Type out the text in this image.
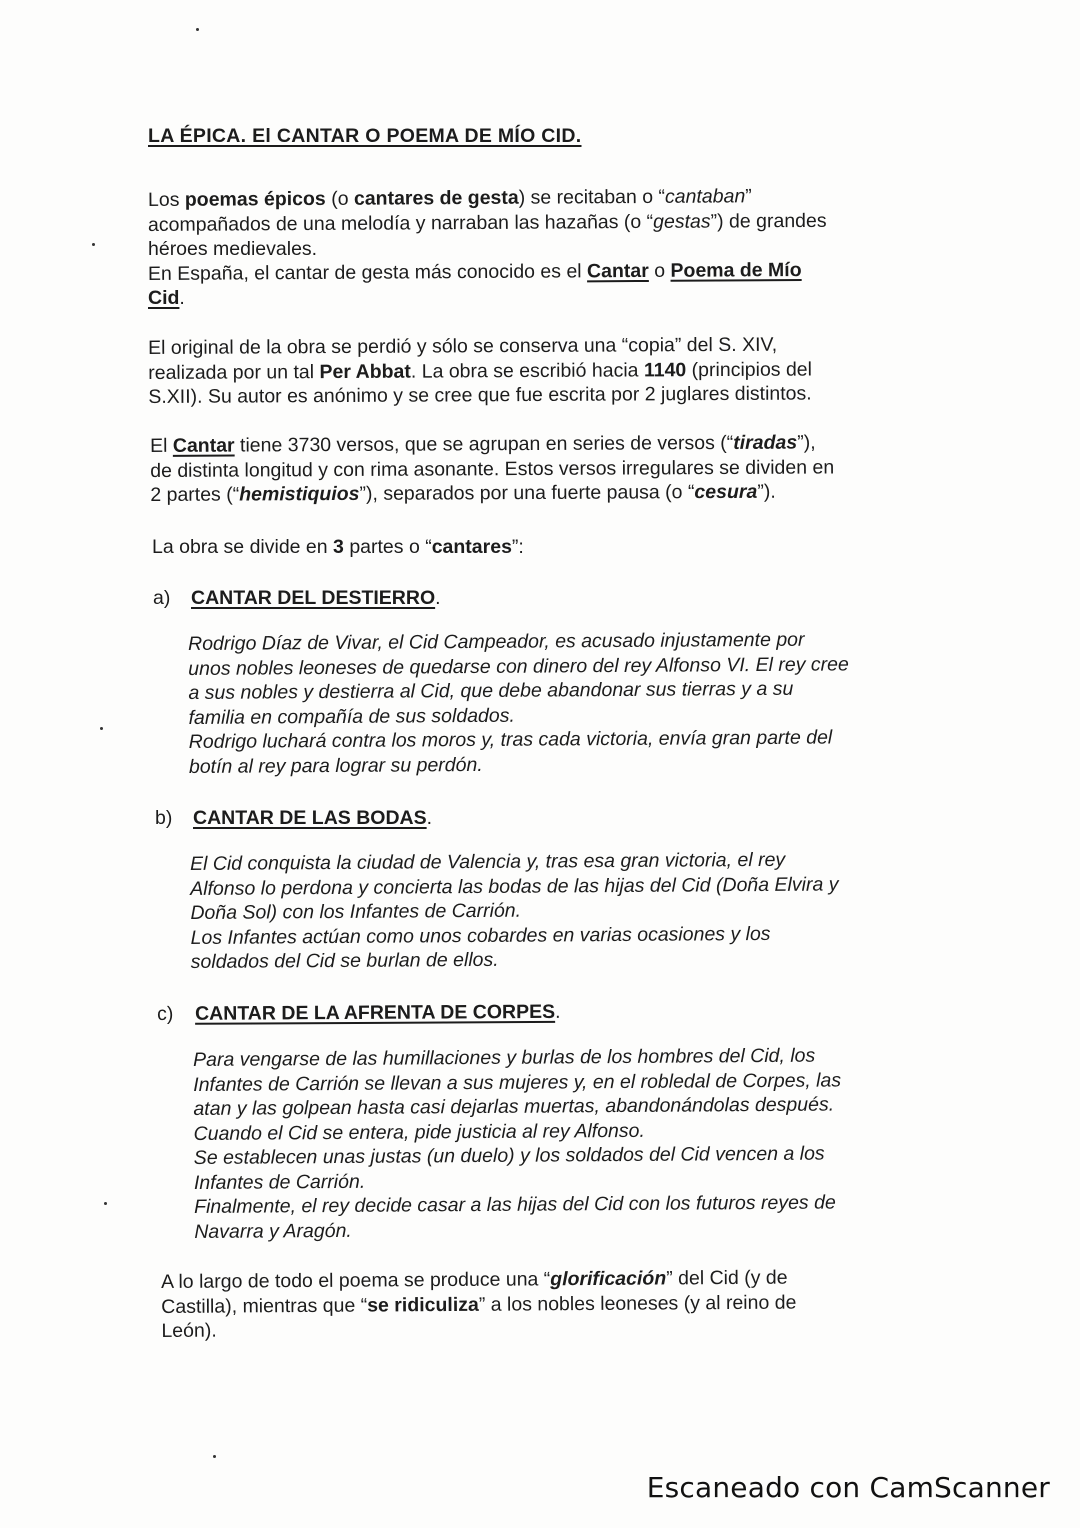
LA ÉPICA. El CANTAR O POEMA DE MÍO CID.

Los poemas épicos (o cantares de gesta) se recitaban o “cantaban”

acompañados de una melodía y narraban las hazañas (o “gestas”) de grandes

héroes medievales.

En España, el cantar de gesta más conocido es el Cantar o Poema de Mío

Cid.

El original de la obra se perdió y sólo se conserva una “copia” del S. XIV,

realizada por un tal Per Abbat. La obra se escribió hacia 1140 (principios del

S.XII). Su autor es anónimo y se cree que fue escrita por 2 juglares distintos.

El Cantar tiene 3730 versos, que se agrupan en series de versos (“tiradas”),

de distinta longitud y con rima asonante. Estos versos irregulares se dividen en

2 partes (“hemistiquios”), separados por una fuerte pausa (o “cesura”).

La obra se divide en 3 partes o “cantares”:

a) CANTAR DEL DESTIERRO.

Rodrigo Díaz de Vivar, el Cid Campeador, es acusado injustamente por

unos nobles leoneses de quedarse con dinero del rey Alfonso VI. El rey cree

a sus nobles y destierra al Cid, que debe abandonar sus tierras y a su

familia en compañía de sus soldados.

Rodrigo luchará contra los moros y, tras cada victoria, envía gran parte del

botín al rey para lograr su perdón.

b) CANTAR DE LAS BODAS.

El Cid conquista la ciudad de Valencia y, tras esa gran victoria, el rey

Alfonso lo perdona y concierta las bodas de las hijas del Cid (Doña Elvira y

Doña Sol) con los Infantes de Carrión.

Los Infantes actúan como unos cobardes en varias ocasiones y los

soldados del Cid se burlan de ellos.

c) CANTAR DE LA AFRENTA DE CORPES.

Para vengarse de las humillaciones y burlas de los hombres del Cid, los

Infantes de Carrión se llevan a sus mujeres y, en el robledal de Corpes, las

atan y las golpean hasta casi dejarlas muertas, abandonándolas después.

Cuando el Cid se entera, pide justicia al rey Alfonso.

Se establecen unas justas (un duelo) y los soldados del Cid vencen a los

Infantes de Carrión.

Finalmente, el rey decide casar a las hijas del Cid con los futuros reyes de

Navarra y Aragón.

A lo largo de todo el poema se produce una “glorificación” del Cid (y de

Castilla), mientras que “se ridiculiza” a los nobles leoneses (y al reino de

León).

Escaneado con CamScanner
